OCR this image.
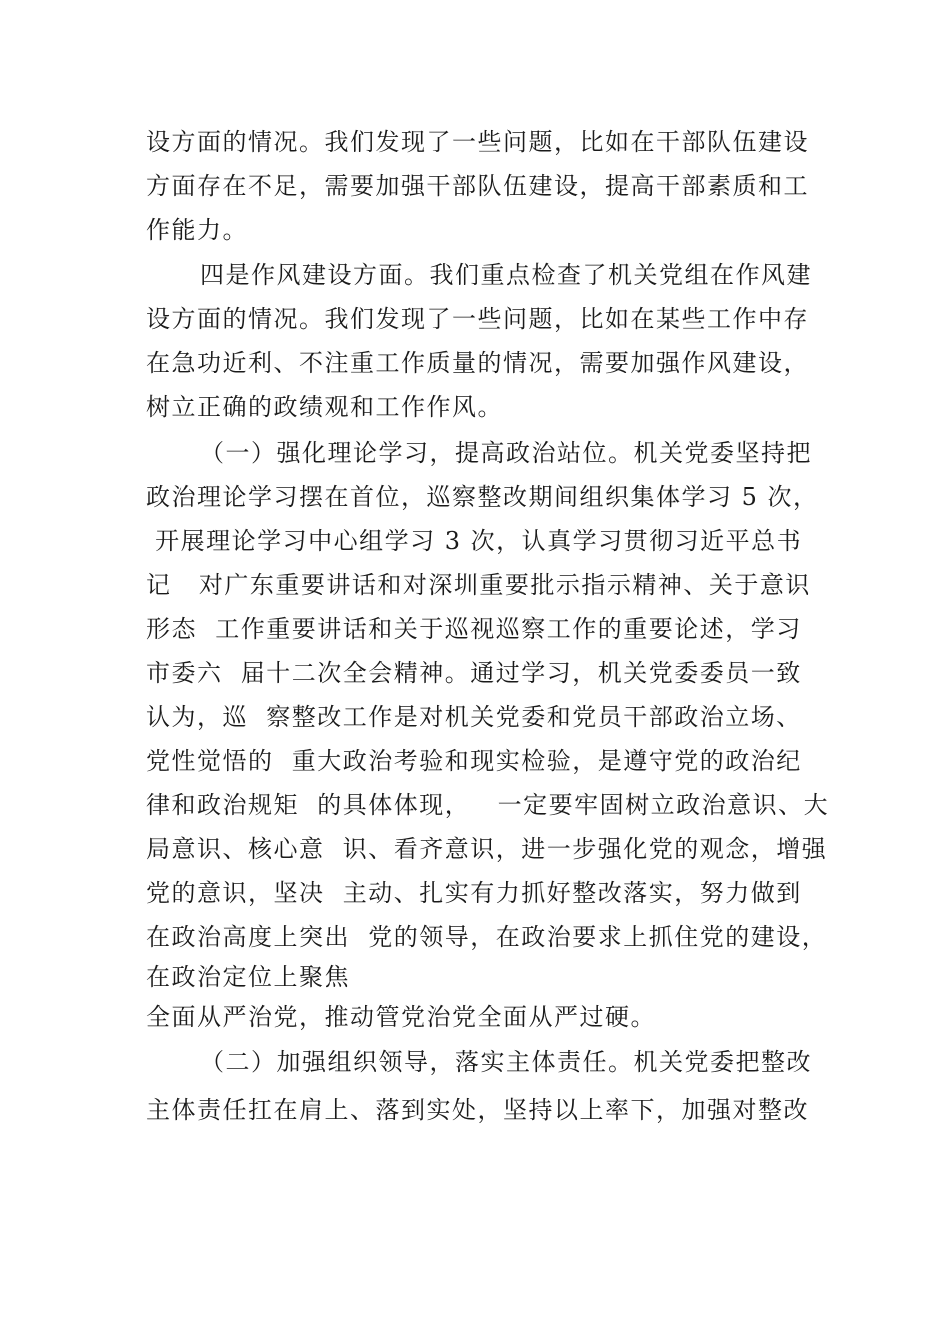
设方面的情况。我们发现了一些问题，比如在干部队伍建设
方面存在不足，需要加强干部队伍建设，提高干部素质和工
作能力。
四是作风建设方面。我们重点检查了机关党组在作风建
设方面的情况。我们发现了一些问题，比如在某些工作中存
在急功近利、不注重工作质量的情况，需要加强作风建设，
树立正确的政绩观和工作作风。
（一）强化理论学习，提高政治站位。机关党委坚持把
政治理论学习摆在首位，巡察整改期间组织集体学习 5 次，
开展理论学习中心组学习 3 次，认真学习贯彻习近平总书
记   对广东重要讲话和对深圳重要批示指示精神、关于意识
形态  工作重要讲话和关于巡视巡察工作的重要论述，学习
市委六  届十二次全会精神。通过学习，机关党委委员一致
认为，巡  察整改工作是对机关党委和党员干部政治立场、
党性觉悟的  重大政治考验和现实检验，是遵守党的政治纪
律和政治规矩  的具体体现，   一定要牢固树立政治意识、大
局意识、核心意  识、看齐意识，进一步强化党的观念，增强
党的意识，坚决  主动、扎实有力抓好整改落实，努力做到
在政治高度上突出  党的领导，在政治要求上抓住党的建设，
在政治定位上聚焦
全面从严治党，推动管党治党全面从严过硬。
（二）加强组织领导，落实主体责任。机关党委把整改
主体责任扛在肩上、落到实处，坚持以上率下，加强对整改
